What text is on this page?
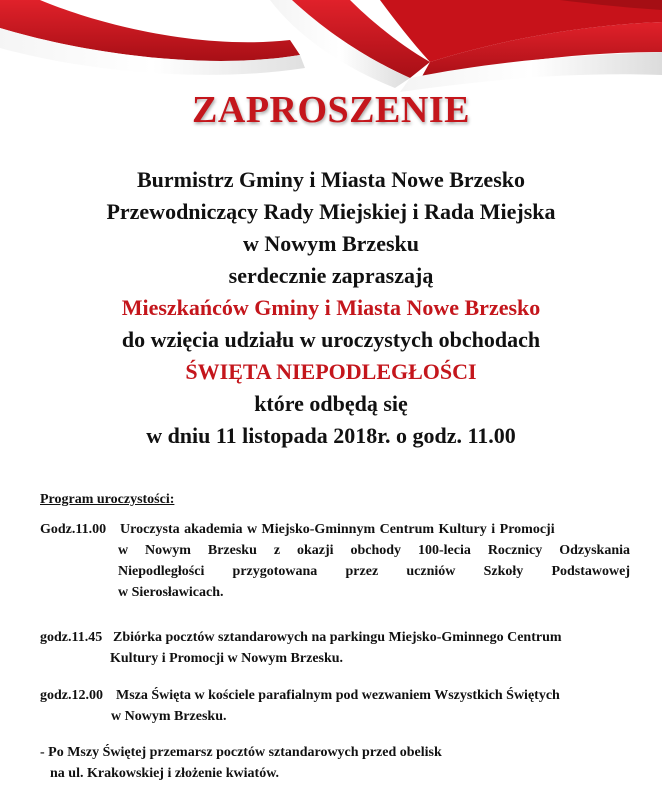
ZAPROSZENIE
Burmistrz Gminy i Miasta Nowe Brzesko
Przewodniczący Rady Miejskiej i Rada Miejska
w Nowym Brzesku
serdecznie zapraszają
Mieszkańców Gminy i Miasta Nowe Brzesko
do wzięcia udziału w uroczystych obchodach
ŚWIĘTA NIEPODLEGŁOŚCI
które odbędą się
w dniu 11 listopada 2018r. o godz. 11.00
Program uroczystości:
Godz.11.00 Uroczysta akademia w Miejsko-Gminnym Centrum Kultury i Promocji
w Nowym Brzesku z okazji obchody 100-lecia Rocznicy Odzyskania
Niepodległości przygotowana przez uczniów Szkoły Podstawowej
w Sierosławicach.
godz.11.45 Zbiórka pocztów sztandarowych na parkingu Miejsko-Gminnego Centrum
Kultury i Promocji w Nowym Brzesku.
godz.12.00 Msza Święta w kościele parafialnym pod wezwaniem Wszystkich Świętych
w Nowym Brzesku.
- Po Mszy Świętej przemarsz pocztów sztandarowych przed obelisk
na ul. Krakowskiej i złożenie kwiatów.
